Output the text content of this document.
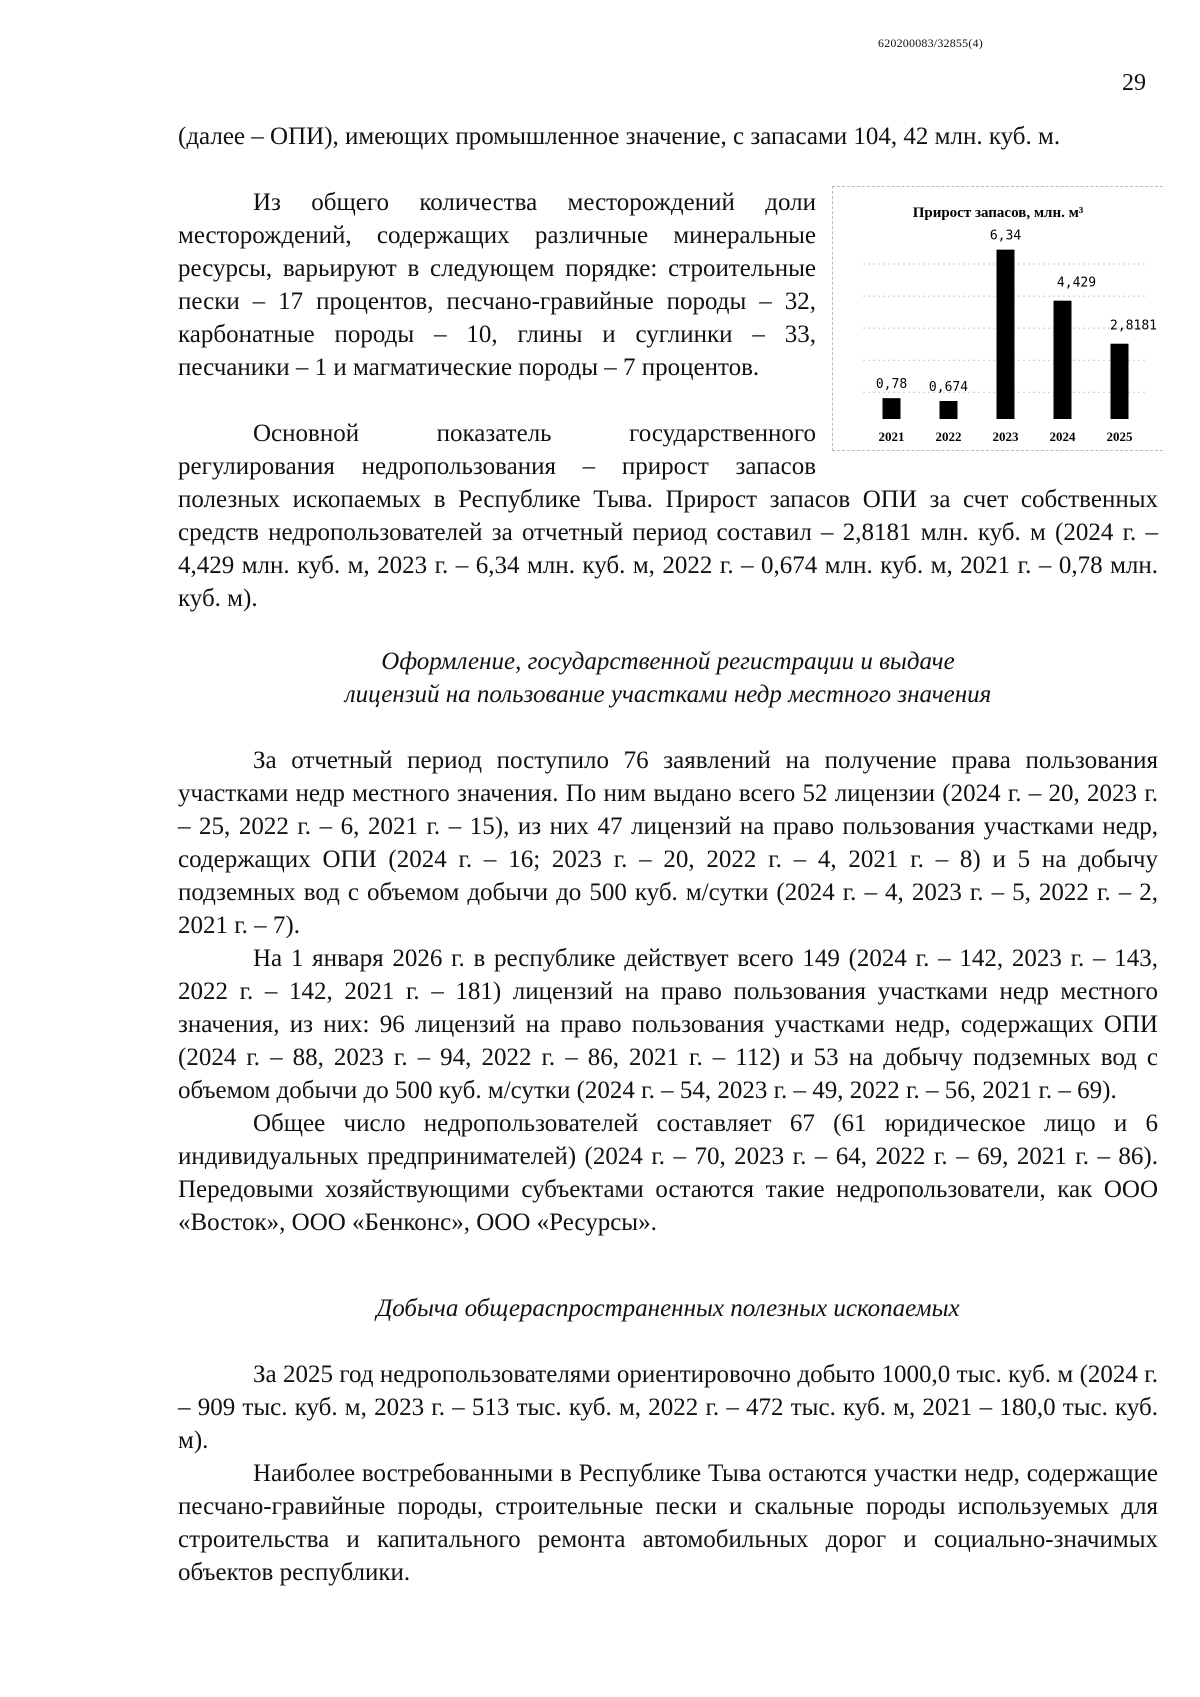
620200083/32855(4)
29

(далее – ОПИ), имеющих промышленное значение, с запасами 104, 42 млн. куб. м.

Из общего количества месторождений доли месторождений, содержащих различные минеральные ресурсы, варьируют в следующем порядке: строительные пески – 17 процентов, песчано-гравийные породы – 32, карбонатные породы – 10, глины и суглинки – 33, песчаники – 1 и магматические породы – 7 процентов.

Основной показатель государственного регулирования недропользования – прирост запасов полезных ископаемых в Республике Тыва. Прирост запасов ОПИ за счет собственных средств недропользователей за отчетный период составил – 2,8181 млн. куб. м (2024 г. – 4,429 млн. куб. м, 2023 г. – 6,34 млн. куб. м, 2022 г. – 0,674 млн. куб. м, 2021 г. – 0,78 млн. куб. м).

Прирост запасов, млн. м³
0,78 0,674
6,34
4,429
2,8181
2021 2022 2023 2024 2025

Оформление, государственной регистрации и выдаче

лицензий на пользование участками недр местного значения

За отчетный период поступило 76 заявлений на получение права пользования участками недр местного значения. По ним выдано всего 52 лицензии (2024 г. – 20, 2023 г. – 25, 2022 г. – 6, 2021 г. – 15), из них 47 лицензий на право пользования участками недр, содержащих ОПИ (2024 г. – 16; 2023 г. – 20, 2022 г. – 4, 2021 г. – 8) и 5 на добычу подземных вод с объемом добычи до 500 куб. м/сутки (2024 г. – 4, 2023 г. – 5, 2022 г. – 2, 2021 г. – 7).

На 1 января 2026 г. в республике действует всего 149 (2024 г. – 142, 2023 г. – 143, 2022 г. – 142, 2021 г. – 181) лицензий на право пользования участками недр местного значения, из них: 96 лицензий на право пользования участками недр, содержащих ОПИ (2024 г. – 88, 2023 г. – 94, 2022 г. – 86, 2021 г. – 112) и 53 на добычу подземных вод с объемом добычи до 500 куб. м/сутки (2024 г. – 54, 2023 г. – 49, 2022 г. – 56, 2021 г. – 69).

Общее число недропользователей составляет 67 (61 юридическое лицо и 6 индивидуальных предпринимателей) (2024 г. – 70, 2023 г. – 64, 2022 г. – 69, 2021 г. – 86). Передовыми хозяйствующими субъектами остаются такие недропользователи, как ООО «Восток», ООО «Бенконс», ООО «Ресурсы».

Добыча общераспространенных полезных ископаемых

За 2025 год недропользователями ориентировочно добыто 1000,0 тыс. куб. м (2024 г. – 909 тыс. куб. м, 2023 г. – 513 тыс. куб. м, 2022 г. – 472 тыс. куб. м, 2021 – 180,0 тыс. куб. м).

Наиболее востребованными в Республике Тыва остаются участки недр, содержащие песчано-гравийные породы, строительные пески и скальные породы используемых для строительства и капитального ремонта автомобильных дорог и социально-значимых объектов республики.
